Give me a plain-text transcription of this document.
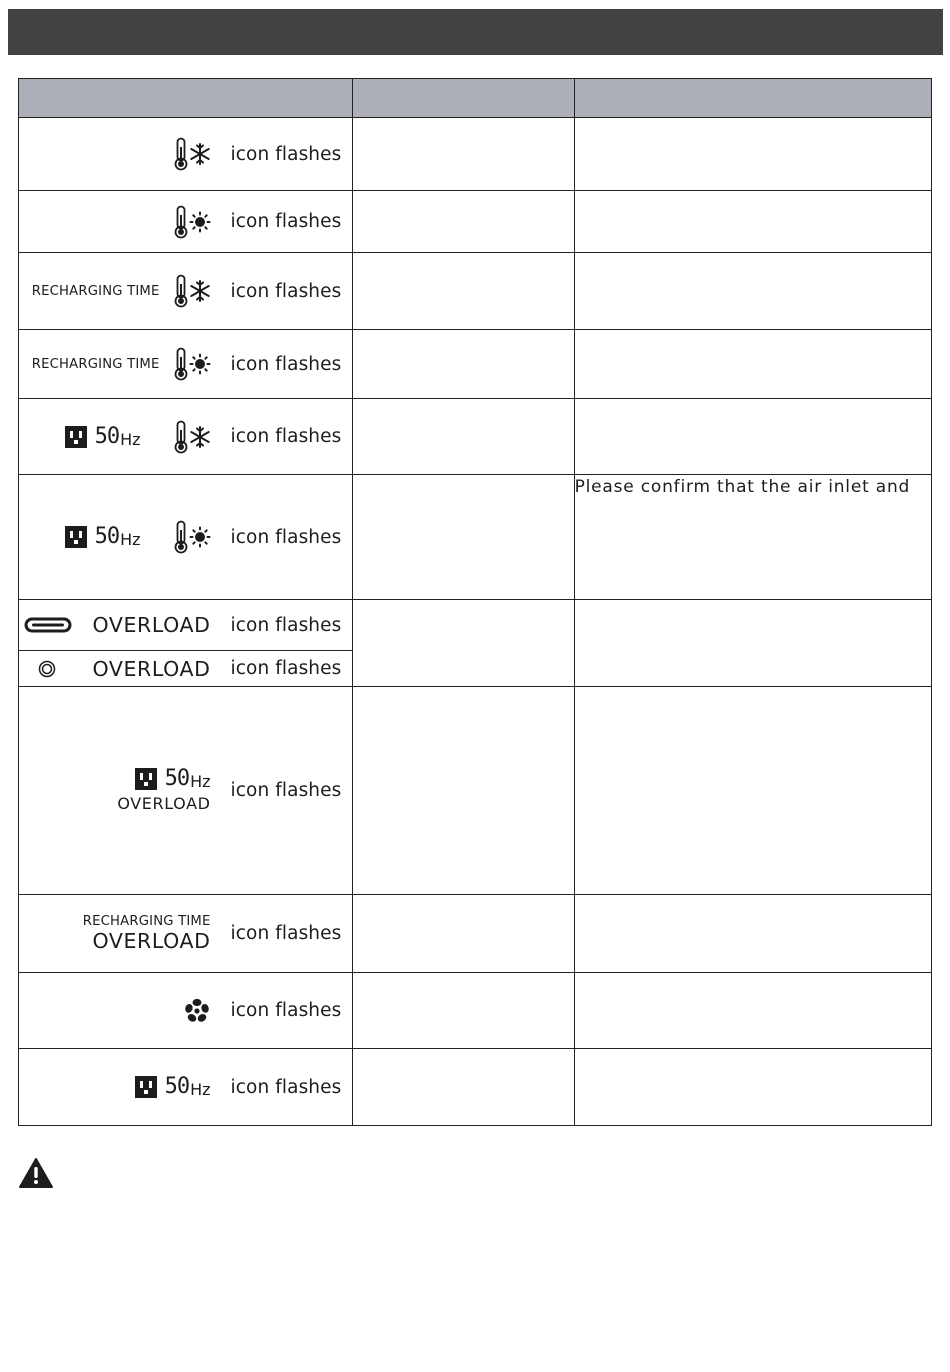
icon flashes		

icon flashes		

RECHARGING TIME icon flashes		

RECHARGING TIME icon flashes		

50 Hz icon flashes		

50 Hz icon flashes		Please confirm that the air inlet and

OVERLOAD icon flashes		

OVERLOAD icon flashes		

50 Hz
OVERLOAD
icon flashes		

RECHARGING TIME
OVERLOAD icon flashes		

icon flashes		

50 Hz icon flashes		
